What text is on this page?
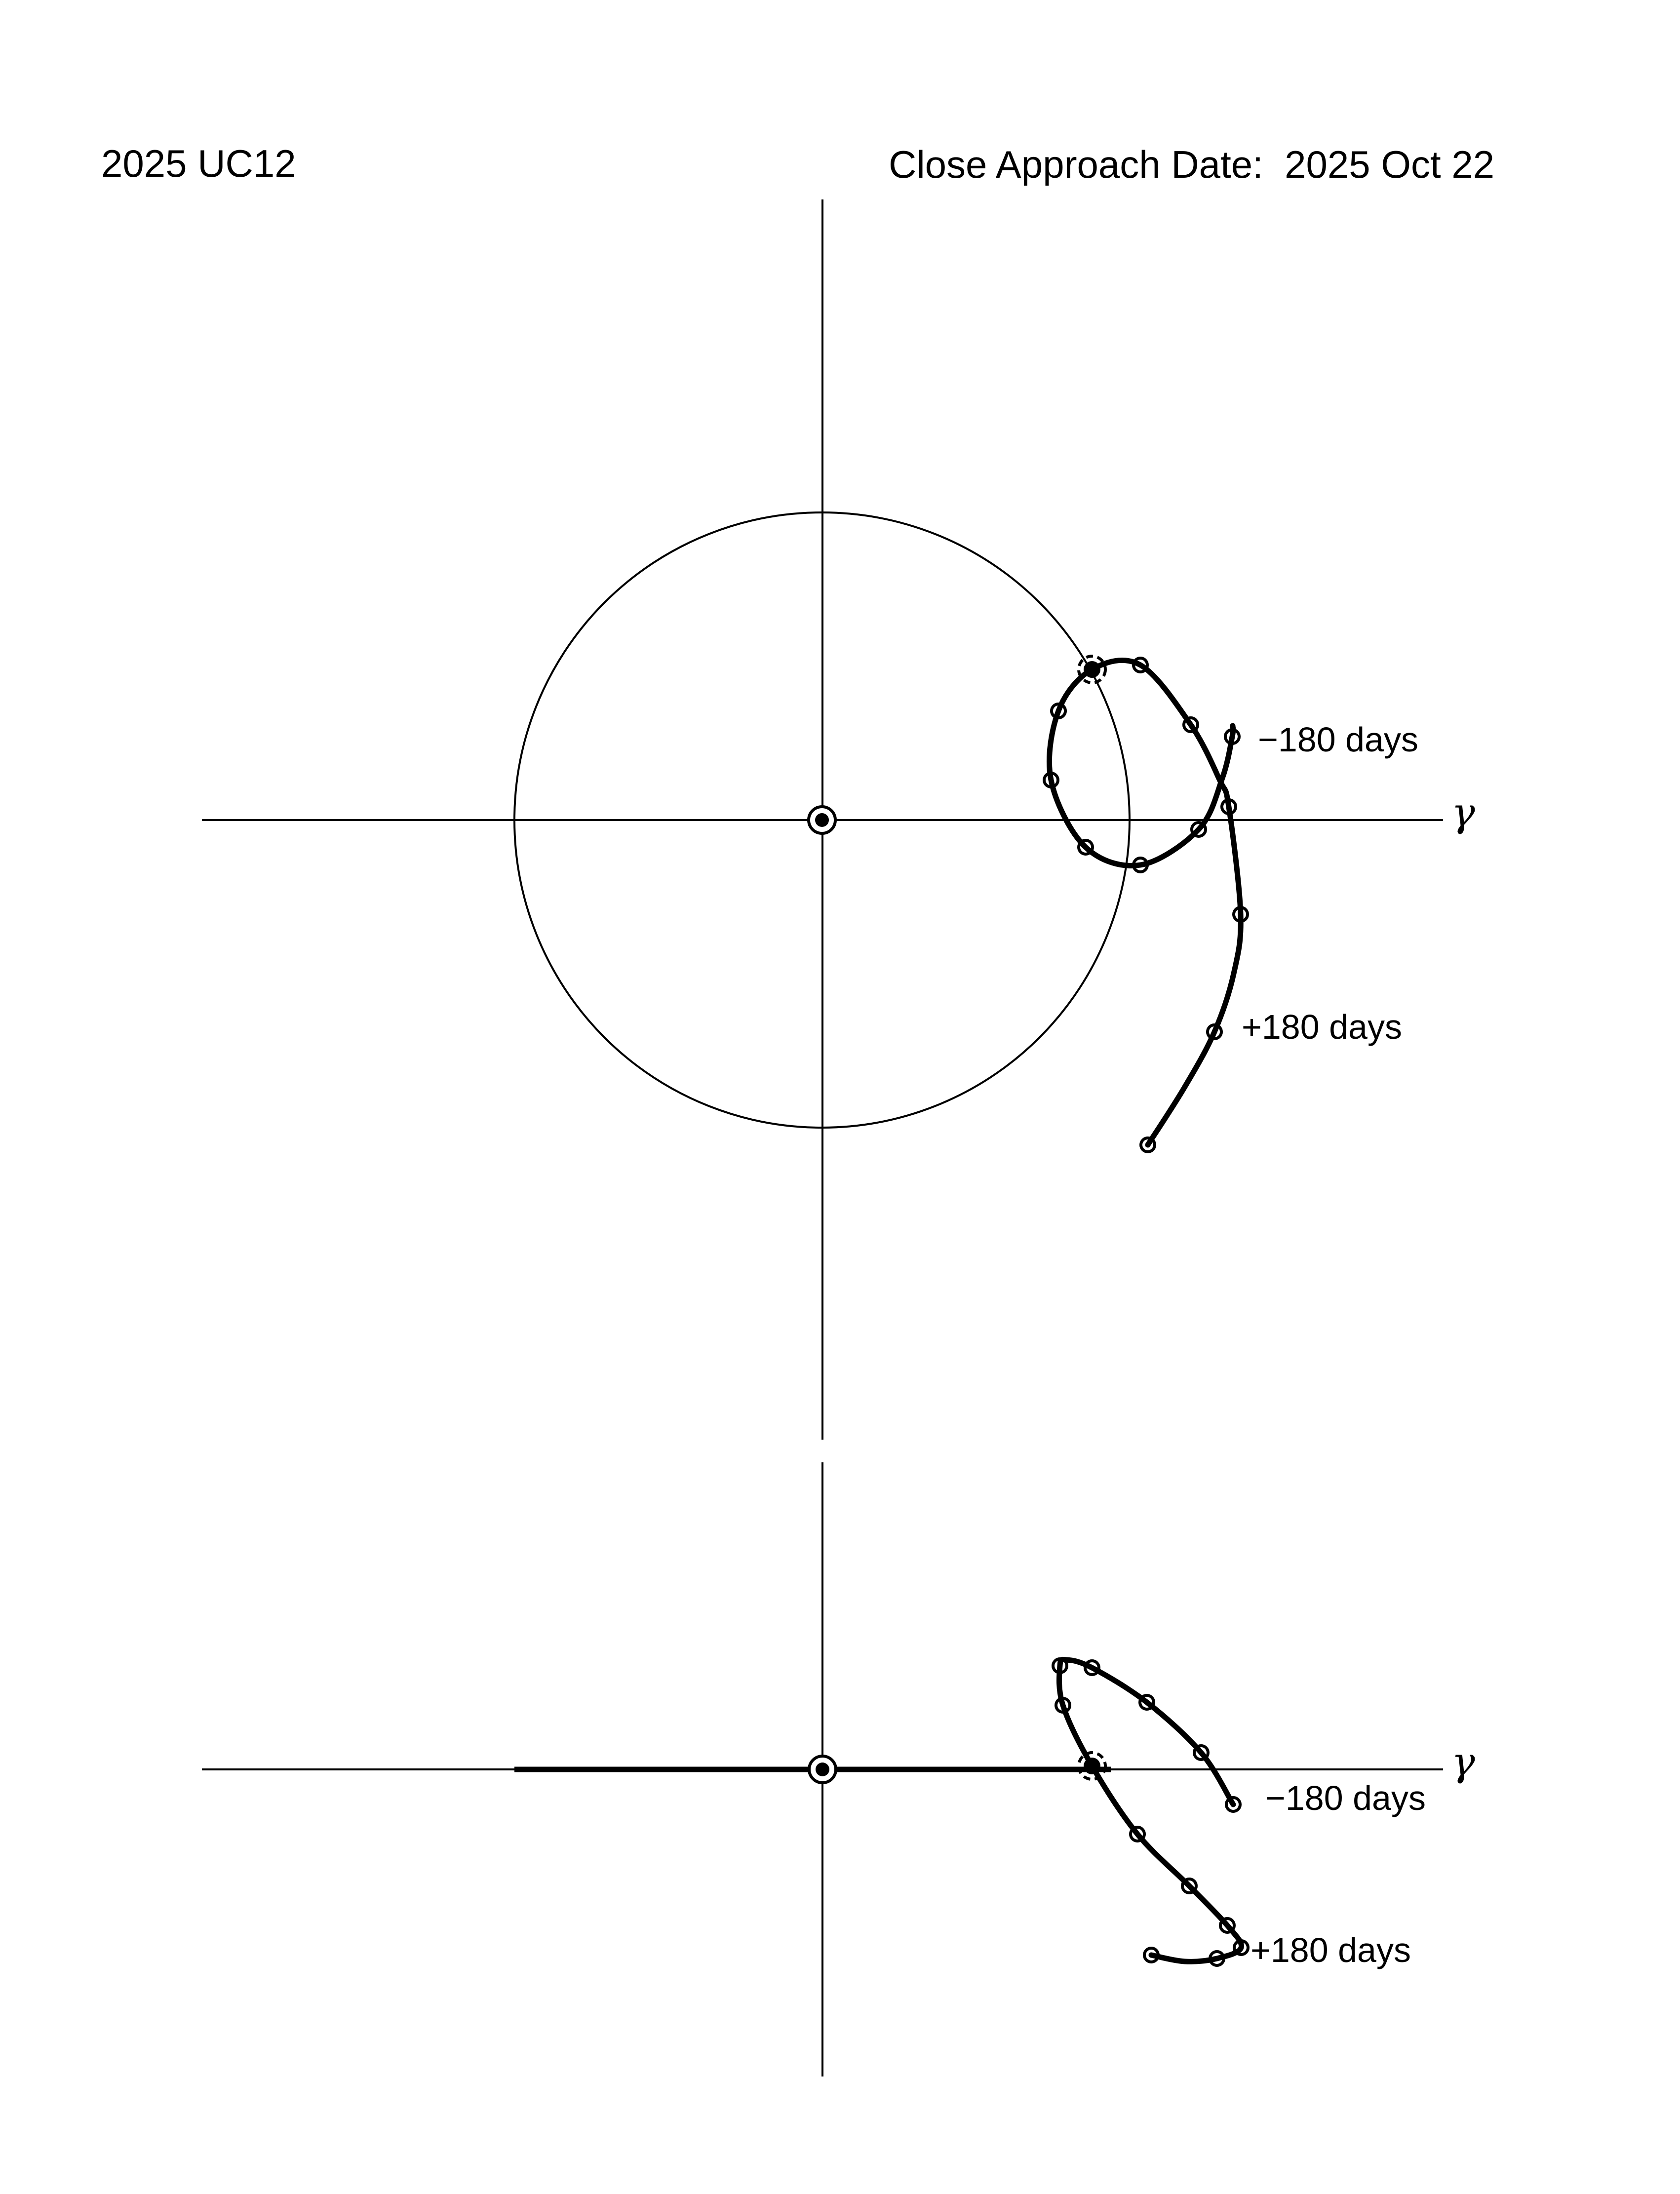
2025 UC12	Close Approach Date:  2025 Oct 22
γ
γ
−180 days
+180 days
−180 days
+180 days
